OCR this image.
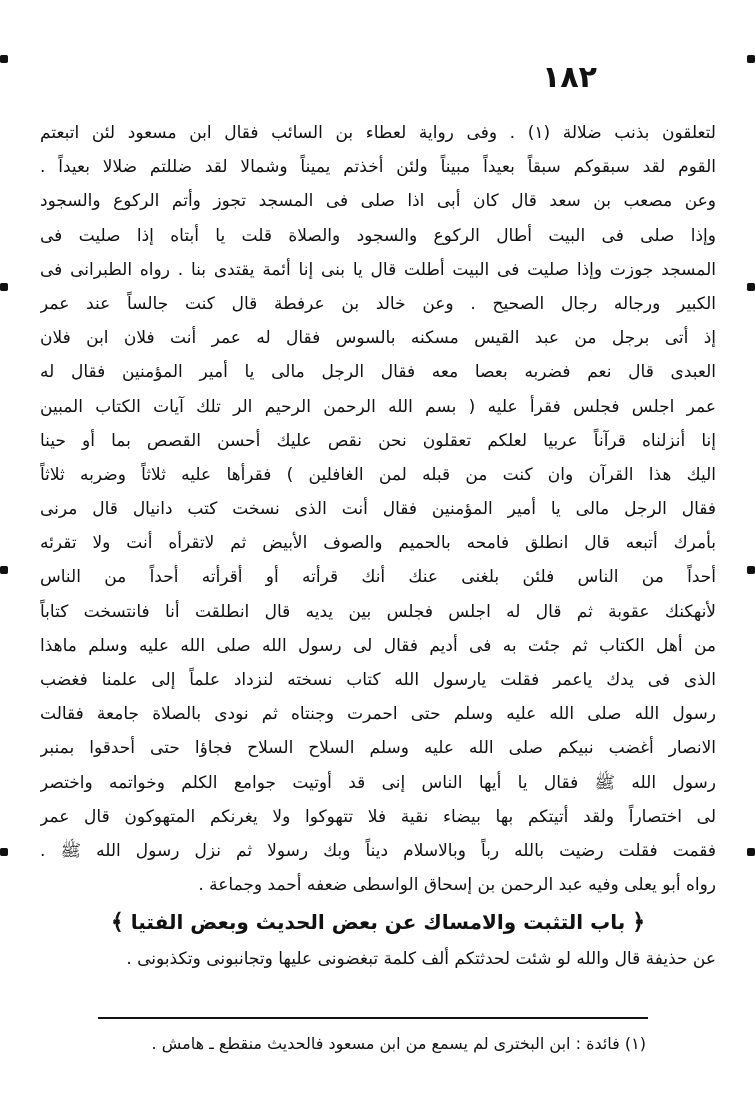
١٨٢
لتعلقون بذنب ضلالة (١) . وفى رواية لعطاء بن السائب فقال ابن مسعود لئن اتبعتم
القوم لقد سبقوكم سبقاً بعيداً مبيناً ولئن أخذتم يميناً وشمالا لقد ضللتم ضلالا بعيداً .
وعن مصعب بن سعد قال كان أبى اذا صلى فى المسجد تجوز وأتم الركوع والسجود
وإذا صلى فى البيت أطال الركوع والسجود والصلاة قلت يا أبتاه إذا صليت فى
المسجد جوزت وإذا صليت فى البيت أطلت قال يا بنى إنا أئمة يقتدى بنا . رواه الطبرانى فى
الكبير ورجاله رجال الصحيح . وعن خالد بن عرفطة قال كنت جالساً عند عمر
إذ أتى برجل من عبد القيس مسكنه بالسوس فقال له عمر أنت فلان ابن فلان
العبدى قال نعم فضربه بعصا معه فقال الرجل مالى يا أمير المؤمنين فقال له
عمر اجلس فجلس فقرأ عليه ( بسم الله الرحمن الرحيم الر تلك آيات الكتاب المبين
إنا أنزلناه قرآناً عربيا لعلكم تعقلون نحن نقص عليك أحسن القصص بما أو حينا
اليك هذا القرآن وان كنت من قبله لمن الغافلين ) فقرأها عليه ثلاثاً وضربه ثلاثاً
فقال الرجل مالى يا أمير المؤمنين فقال أنت الذى نسخت كتب دانيال قال مرنى
بأمرك أتبعه قال انطلق فامحه بالحميم والصوف الأبيض ثم لاتقرأه أنت ولا تقرئه
أحداً من الناس فلئن بلغنى عنك أنك قرأته أو أقرأته أحداً من الناس
لأنهكنك عقوبة ثم قال له اجلس فجلس بين يديه قال انطلقت أنا فانتسخت كتاباً
من أهل الكتاب ثم جئت به فى أديم فقال لى رسول الله صلى الله عليه وسلم ماهذا
الذى فى يدك ياعمر فقلت يارسول الله كتاب نسخته لنزداد علماً إلى علمنا فغضب
رسول الله صلى الله عليه وسلم حتى احمرت وجنتاه ثم نودى بالصلاة جامعة فقالت
الانصار أغضب نبيكم صلى الله عليه وسلم السلاح السلاح فجاؤا حتى أحدقوا بمنبر
رسول الله ﷺ فقال يا أيها الناس إنى قد أوتيت جوامع الكلم وخواتمه واختصر
لى اختصاراً ولقد أتيتكم بها بيضاء نقية فلا تتهوكوا ولا يغرنكم المتهوكون قال عمر
فقمت فقلت رضيت بالله رباً وبالاسلام ديناً وبك رسولا ثم نزل رسول الله ﷺ .
رواه أبو يعلى وفيه عبد الرحمن بن إسحاق الواسطى ضعفه أحمد وجماعة .
﴿ باب التثبت والامساك عن بعض الحديث وبعض الفتيا ﴾
عن حذيفة قال والله لو شئت لحدثتكم ألف كلمة تبغضونى عليها وتجانبونى وتكذبونى .
(١) فائدة : ابن البخترى لم يسمع من ابن مسعود فالحديث منقطع ـ هامش .
